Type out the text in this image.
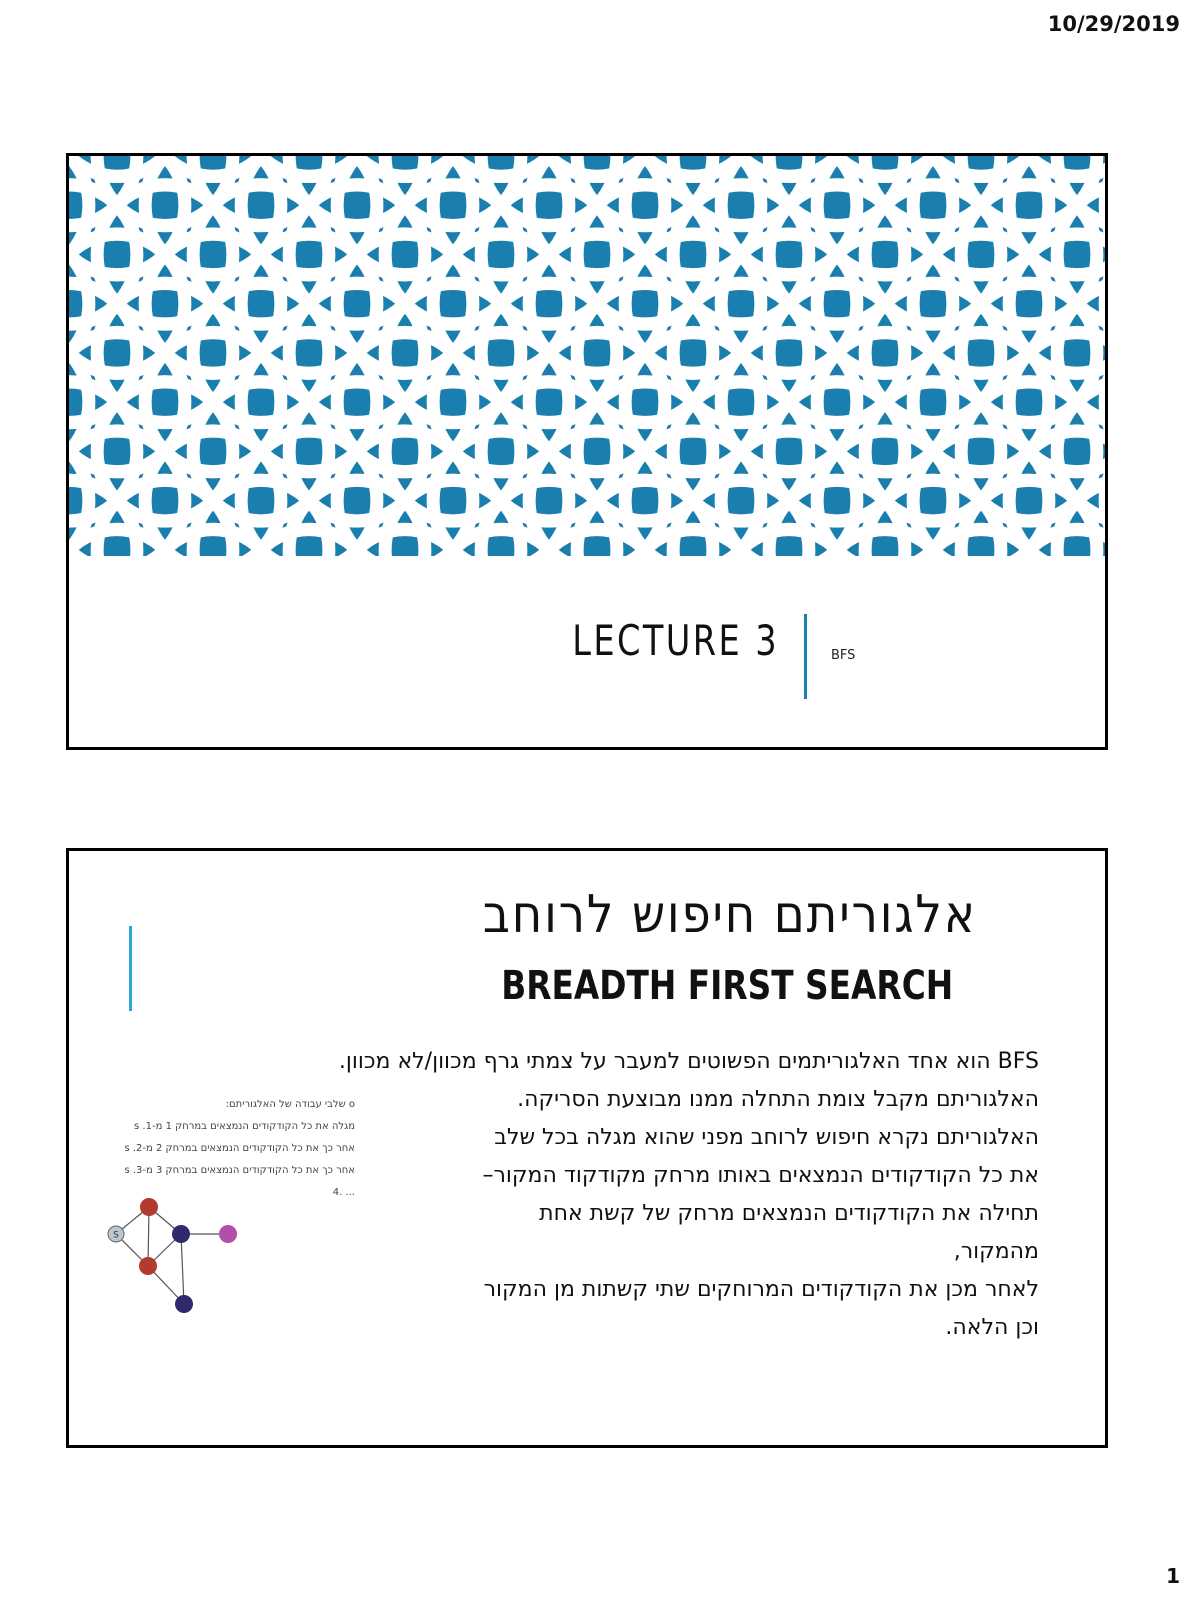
10/29/2019
LECTURE 3	BFS
אלגוריתם חיפוש לרוחב
BREADTH FIRST SEARCH
BFS הוא אחד האלגוריתמים הפשוטים למעבר על צמתי גרף מכוון/לא מכוון.
האלגוריתם מקבל צומת התחלה ממנו מבוצעת הסריקה.
האלגוריתם נקרא חיפוש לרוחב מפני שהוא מגלה בכל שלב
את כל הקודקודים הנמצאים באותו מרחק מקודקוד המקור–
תחילה את הקודקודים הנמצאים מרחק של קשת אחת
מהמקור,
לאחר מכן את הקודקודים המרוחקים שתי קשתות מן המקור
וכן הלאה.
o שלבי עבודה של האלגוריתם:
מגלה את כל הקודקודים הנמצאים במרחק 1 מ-s .1
אחר כך את כל הקודקודים הנמצאים במרחק 2 מ-s .2
אחר כך את כל הקודקודים הנמצאים במרחק 3 מ-s .3
... .4
S
1
